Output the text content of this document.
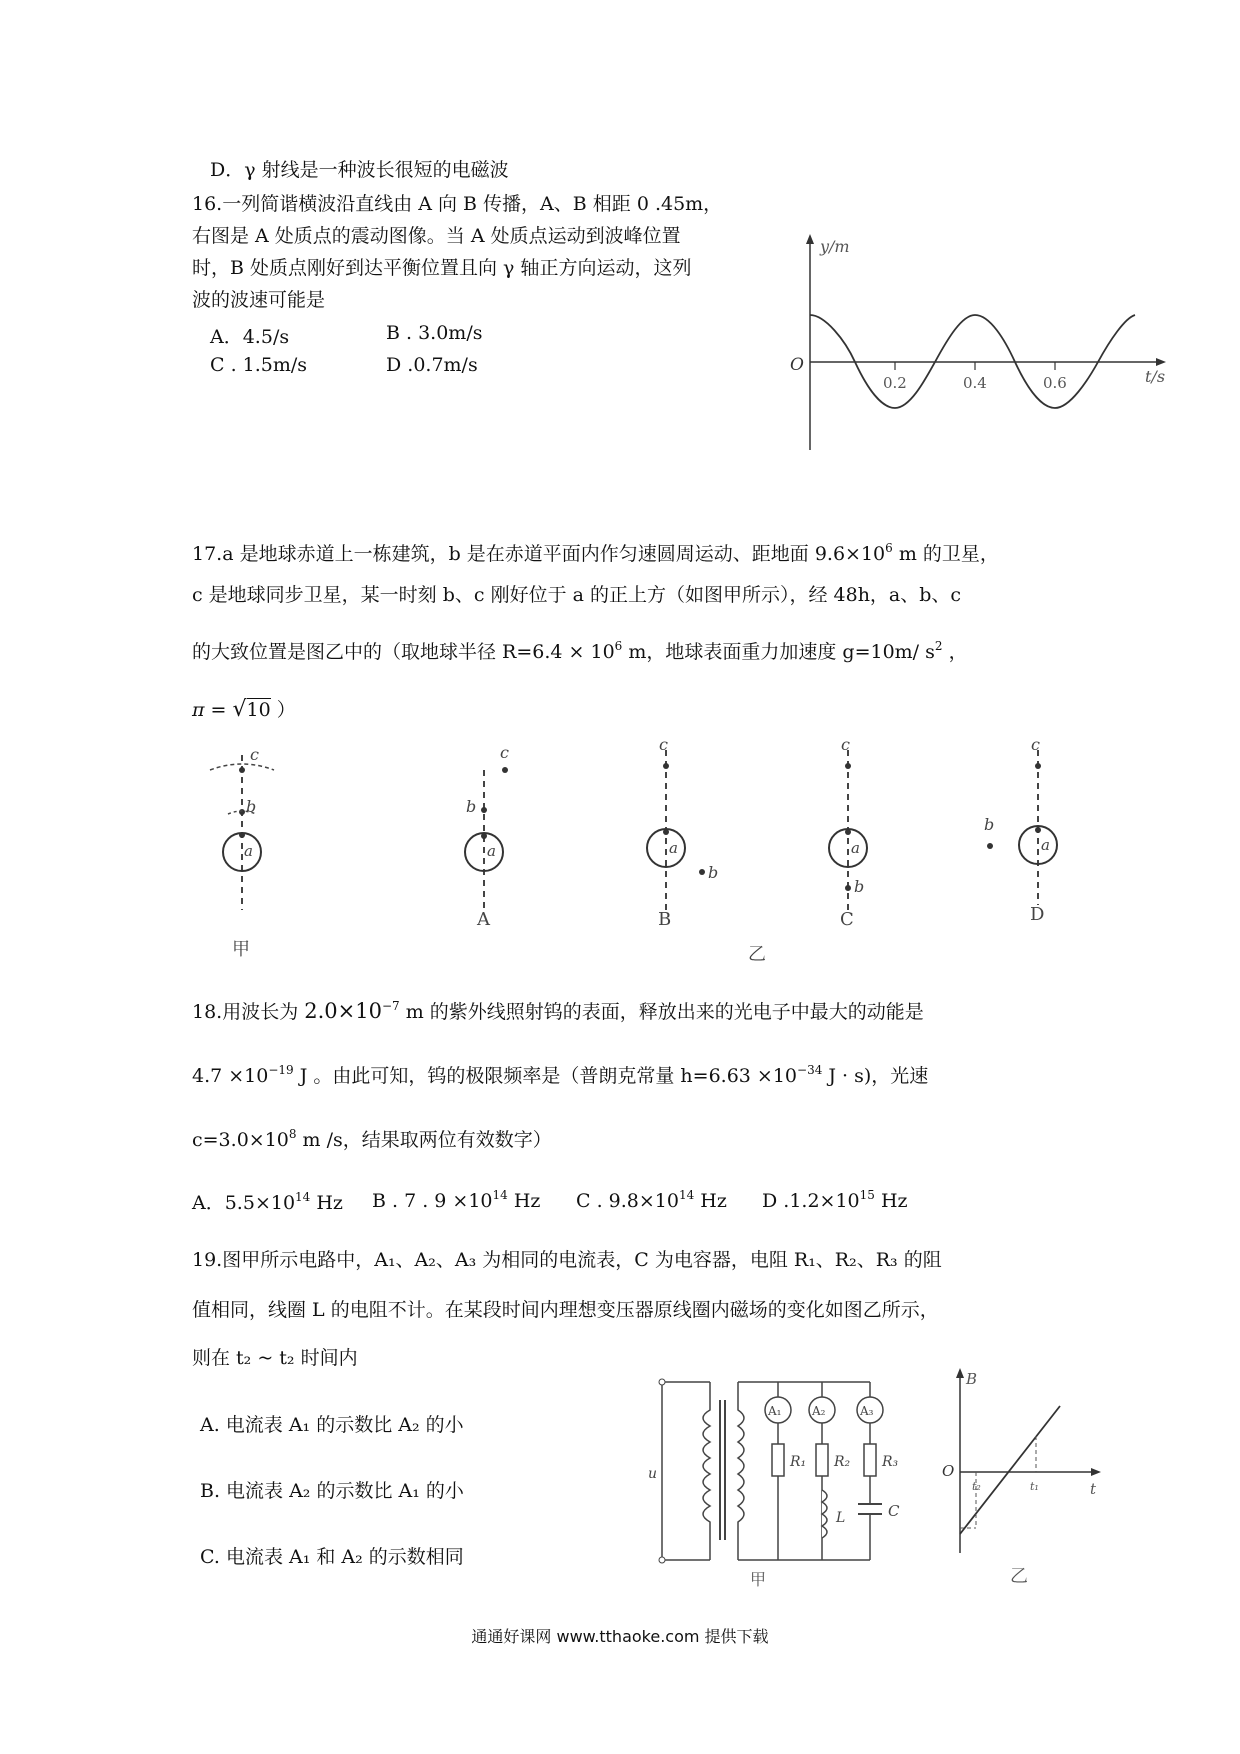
D．γ 射线是一种波长很短的电磁波
16.一列简谐横波沿直线由 A 向 B 传播，A、B 相距 0 .45m，
右图是 A 处质点的震动图像。当 A 处质点运动到波峰位置
时，B 处质点刚好到达平衡位置且向 γ 轴正方向运动，这列
波的波速可能是
A．4.5/s	B . 3.0m/s
C . 1.5m/s	D .0.7m/s
y/m
t/s
O
0.2	0.4	0.6
17.a 是地球赤道上一栋建筑，b 是在赤道平面内作匀速圆周运动、距地面 $9.6\times 10^6$ m 的卫星，
c 是地球同步卫星，某一时刻 b、c 刚好位于 a 的正上方（如图甲所示），经 48h，a、b、c
的大致位置是图乙中的（取地球半径 $R=6.4 \times 10^6$ m，地球表面重力加速度 g=10m/ $s^2$ ，
π = √10 ）
c
b
a
甲
c
b
a
A
c
b
a
B
c
b
a
C
c
b
a
D
乙
18.用波长为 $2.0\times 10^{-7}$ m 的紫外线照射钨的表面，释放出来的光电子中最大的动能是
$4.7 \times 10^{-19}$ J 。由此可知，钨的极限频率是（普朗克常量 $h=6.63 \times 10^{-34}$ J · s)，光速
$c=3.0\times 10^8$ m /s，结果取两位有效数字）
A．$5.5\times 10^{14}$ Hz B . 7 . $9 \times 10^{14}$ Hz C . $9.8\times 10^{14}$ Hz D $.1.2\times 10^{15}$ Hz
19.图甲所示电路中，A₁、A₂、A₃ 为相同的电流表，C 为电容器，电阻 R₁、R₂、R₃ 的阻
值相同，线圈 L 的电阻不计。在某段时间内理想变压器原线圈内磁场的变化如图乙所示，
则在 t₂ ~ t₂ 时间内
A. 电流表 A₁ 的示数比 A₂ 的小
B. 电流表 A₂ 的示数比 A₁ 的小
C. 电流表 A₁ 和 A₂ 的示数相同
u
A₁	A₂	A₃
R₁ R₂ R₃
L	C
甲
B
O
t
t₂	t₁
乙
通通好课网 www.tthaoke.com 提供下载
